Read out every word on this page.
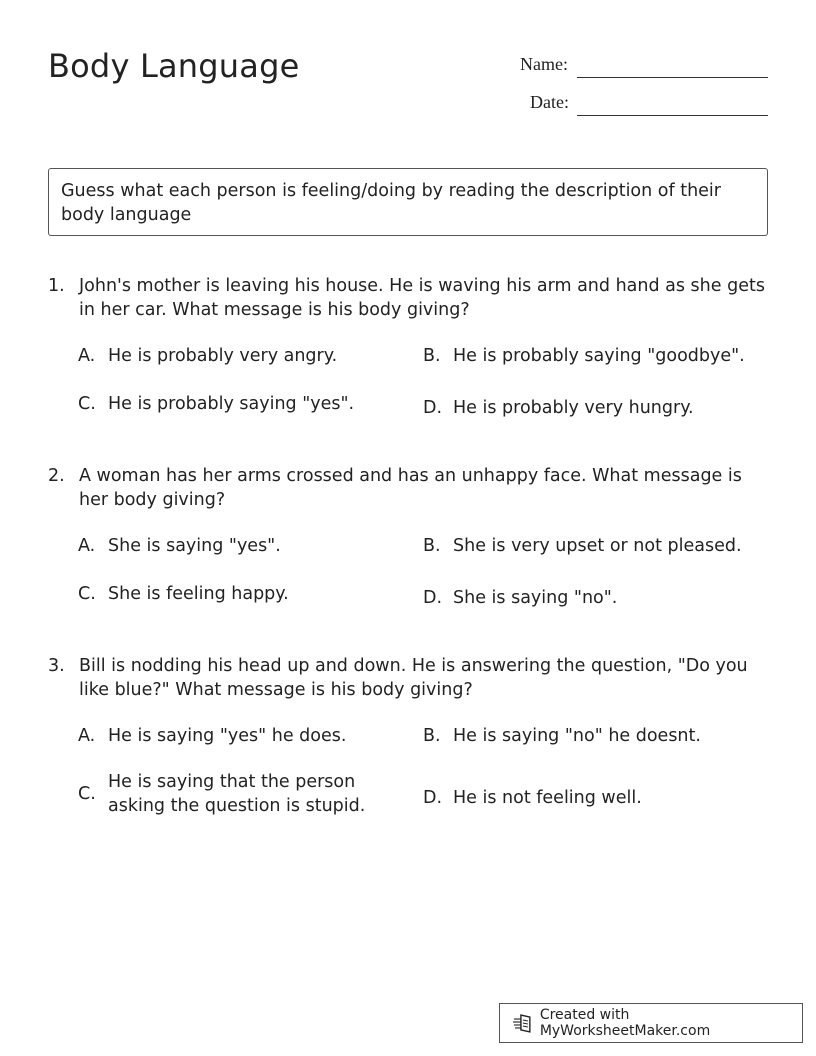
Body Language	Name:
Date:
Guess what each person is feeling/doing by reading the description of their body language
1. John's mother is leaving his house. He is waving his arm and hand as she gets in her car. What message is his body giving?
A. He is probably very angry.	B. He is probably saying "goodbye".
C. He is probably saying "yes".	D. He is probably very hungry.
2. A woman has her arms crossed and has an unhappy face. What message is her body giving?
A. She is saying "yes".	B. She is very upset or not pleased.
C. She is feeling happy.	D. She is saying "no".
3. Bill is nodding his head up and down. He is answering the question, "Do you like blue?" What message is his body giving?
A. He is saying "yes" he does.	B. He is saying "no" he doesnt.
C.
He is saying that the person asking the question is stupid.	D. He is not feeling well.
Created with MyWorksheetMaker.com
